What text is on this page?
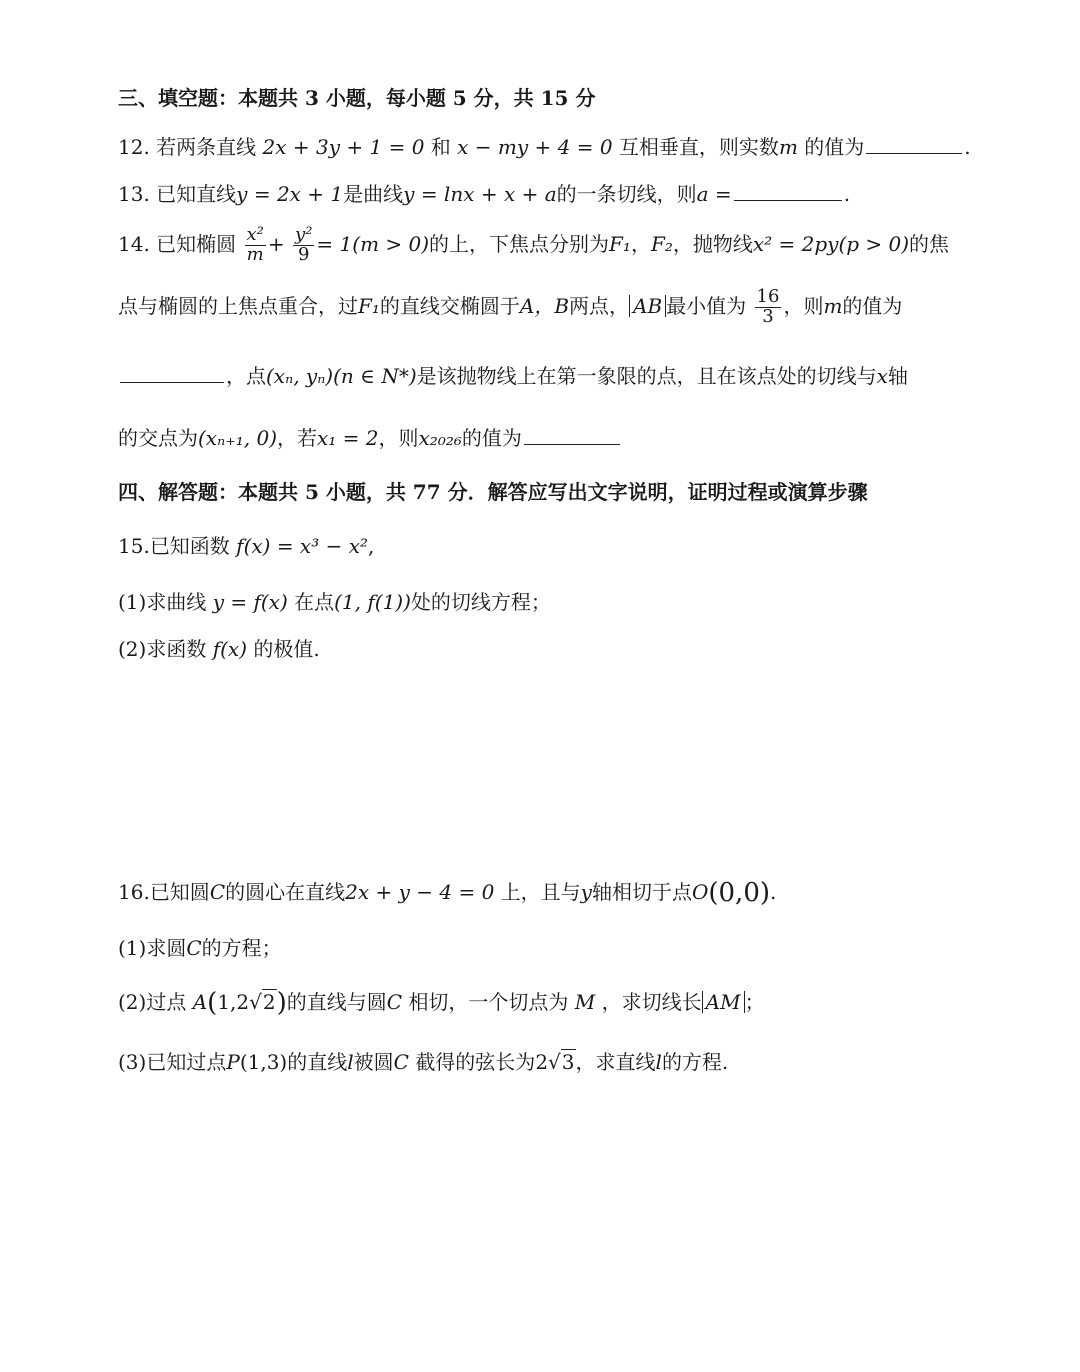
三、填空题：本题共 3 小题，每小题 5 分，共 15 分
12. 若两条直线 2x + 3y + 1 = 0 和 x − my + 4 = 0 互相垂直，则实数m 的值为	.
13. 已知直线y = 2x + 1是曲线y = lnx + x + a的一条切线，则a =	.
14. 已知椭圆 $\frac{\text{x²}}{m} + \frac{\text{y²}}{9} = 1(m > 0)$的上，下焦点分别为F₁，F₂，抛物线x² = 2py(p > 0)的焦
点与椭圆的上焦点重合，过F₁的直线交椭圆于A，B两点， AB 最小值为 $\frac{16}{3}$ ，则m的值为
，点(xₙ, yₙ)(n ∈ N*)是该抛物线上在第一象限的点，且在该点处的切线与x轴
的交点为(xₙ₊₁, 0)，若x₁ = 2，则x₂₀₂₆的值为
四、解答题：本题共 5 小题，共 77 分．解答应写出文字说明，证明过程或演算步骤
15.已知函数 f(x) = x³ − x²,
(1)求曲线 y = f(x) 在点(1, f(1))处的切线方程；
(2)求函数 f(x) 的极值.
16.已知圆C的圆心在直线2x + y − 4 = 0 上，且与y轴相切于点O(0,0).
(1)求圆C的方程；
(2)过点 A(1,2√2)的直线与圆C 相切，一个切点为 M ，求切线长 AM ；
(3)已知过点P(1,3)的直线l被圆C 截得的弦长为2√3，求直线l的方程.
